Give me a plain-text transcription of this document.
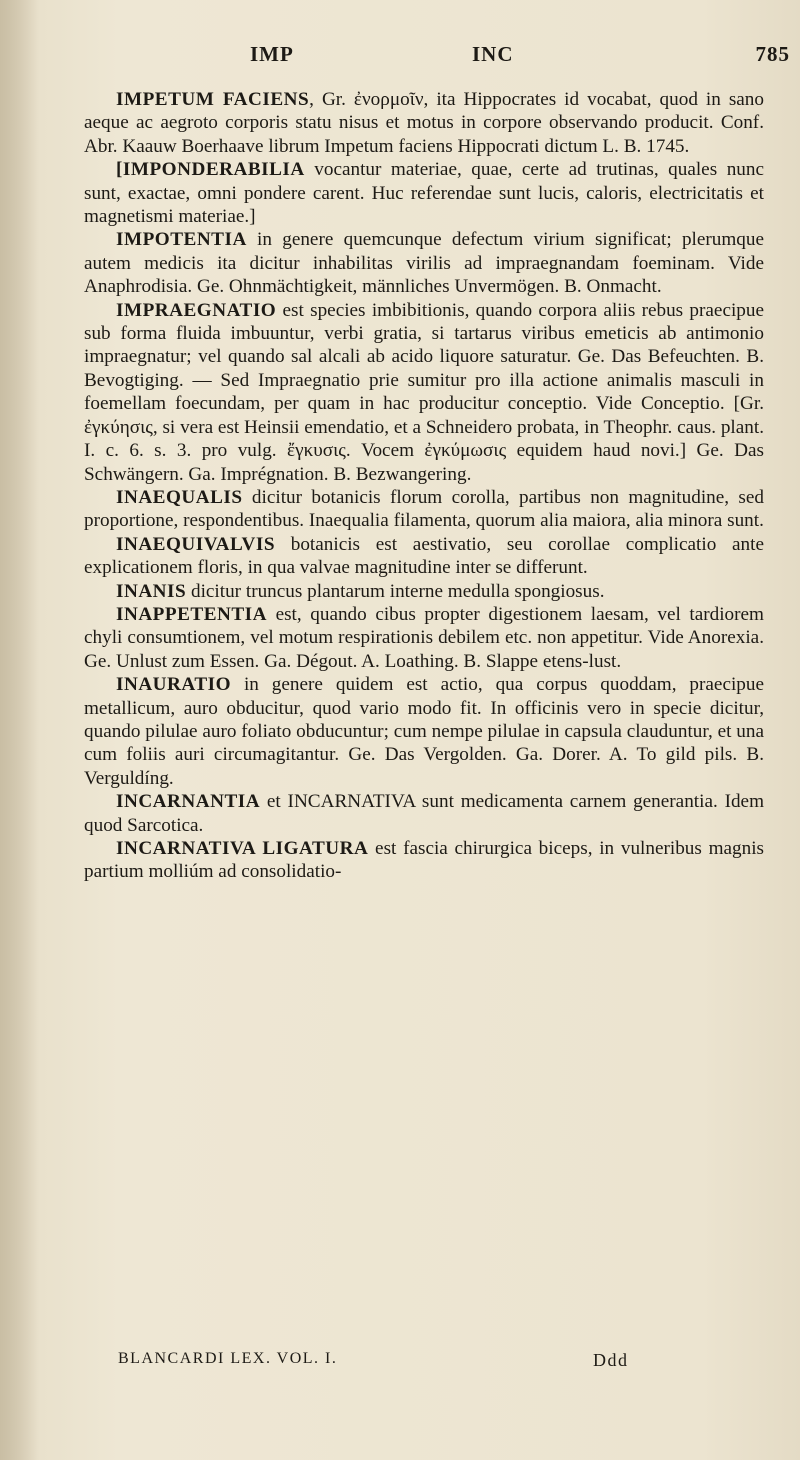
IMP	INC	785

IMPETUM FACIENS, Gr. ἐνορμοῖν, ita Hippocrates id vocabat, quod in sano aeque ac aegroto corporis statu nisus et motus in corpore observando producit. Conf. Abr. Kaauw Boerhaave librum Impetum faciens Hippocrati dictum L. B. 1745.

[IMPONDERABILIA vocantur materiae, quae, certe ad trutinas, quales nunc sunt, exactae, omni pondere carent. Huc referendae sunt lucis, caloris, electricitatis et magnetismi materiae.]

IMPOTENTIA in genere quemcunque defectum virium significat; plerumque autem medicis ita dicitur inhabilitas virilis ad impraegnandam foeminam. Vide Anaphrodisia. Ge. Ohnmächtigkeit, männliches Unvermögen. B. Onmacht.

IMPRAEGNATIO est species imbibitionis, quando corpora aliis rebus praecipue sub forma fluida imbuuntur, verbi gratia, si tartarus viribus emeticis ab antimonio impraegnatur; vel quando sal alcali ab acido liquore saturatur. Ge. Das Befeuchten. B. Bevogtiging. — Sed Impraegnatio prie sumitur pro illa actione animalis masculi in foemellam foecundam, per quam in hac producitur conceptio. Vide Conceptio. [Gr. ἐγκύησις, si vera est Heinsii emendatio, et a Schneidero probata, in Theophr. caus. plant. I. c. 6. s. 3. pro vulg. ἔγκυσις. Vocem ἐγκύμωσις equidem haud novi.] Ge. Das Schwängern. Ga. Imprégnation. B. Bezwangering.

INAEQUALIS dicitur botanicis florum corolla, partibus non magnitudine, sed proportione, respondentibus. Inaequalia filamenta, quorum alia maiora, alia minora sunt.

INAEQUIVALVIS botanicis est aestivatio, seu corollae complicatio ante explicationem floris, in qua valvae magnitudine inter se differunt.

INANIS dicitur truncus plantarum interne medulla spongiosus.

INAPPETENTIA est, quando cibus propter digestionem laesam, vel tardiorem chyli consumtionem, vel motum respirationis debilem etc. non appetitur. Vide Anorexia. Ge. Unlust zum Essen. Ga. Dégout. A. Loathing. B. Slappe etens-lust.

INAURATIO in genere quidem est actio, qua corpus quoddam, praecipue metallicum, auro obducitur, quod vario modo fit. In officinis vero in specie dicitur, quando pilulae auro foliato obducuntur; cum nempe pilulae in capsula clauduntur, et una cum foliis auri circumagitantur. Ge. Das Vergolden. Ga. Dorer. A. To gild pils. B. Verguldíng.

INCARNANTIA et INCARNATIVA sunt medicamenta carnem generantia. Idem quod Sarcotica.

INCARNATIVA LIGATURA est fascia chirurgica biceps, in vulneribus magnis partium molliúm ad consolidatio-

BLANCARDI LEX. VOL. I.	Ddd
